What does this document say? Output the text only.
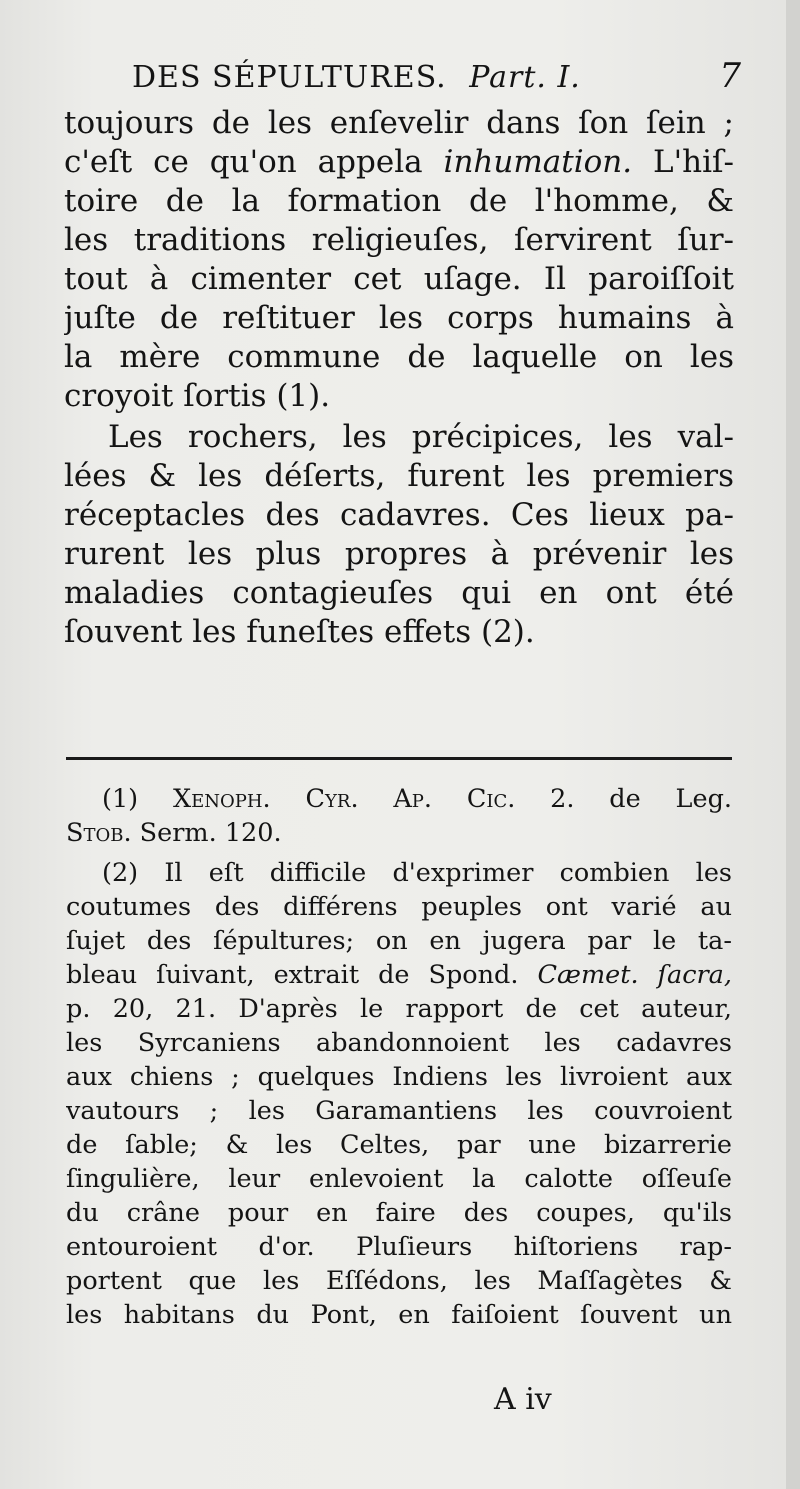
DES SÉPULTURES. Part. I.	7
toujours de les enſevelir dans ſon ſein ;
c'eſt ce qu'on appela inhumation. L'hiſ-
toire de la formation de l'homme, &
les traditions religieuſes, ſervirent ſur-
tout à cimenter cet uſage. Il paroiſſoit
juſte de reſtituer les corps humains à
la mère commune de laquelle on les
croyoit ſortis (1).
Les rochers, les précipices, les val-
lées & les déſerts, furent les premiers
réceptacles des cadavres. Ces lieux pa-
rurent les plus propres à prévenir les
maladies contagieuſes qui en ont été
ſouvent les funeſtes effets (2).
(1) Xenoph. Cyr. Ap. Cic. 2. de Leg.
Stob. Serm. 120.
(2) Il eſt difficile d'exprimer combien les
coutumes des différens peuples ont varié au
ſujet des ſépultures; on en jugera par le ta-
bleau ſuivant, extrait de Spond. Cæmet. ſacra,
p. 20, 21. D'après le rapport de cet auteur,
les Syrcaniens abandonnoient les cadavres
aux chiens ; quelques Indiens les livroient aux
vautours ; les Garamantiens les couvroient
de ſable; & les Celtes, par une bizarrerie
ſingulière, leur enlevoient la calotte oſſeuſe
du crâne pour en faire des coupes, qu'ils
entouroient d'or. Pluſieurs hiſtoriens rap-
portent que les Eſſédons, les Maſſagètes &
les habitans du Pont, en faiſoient ſouvent un
A iv
